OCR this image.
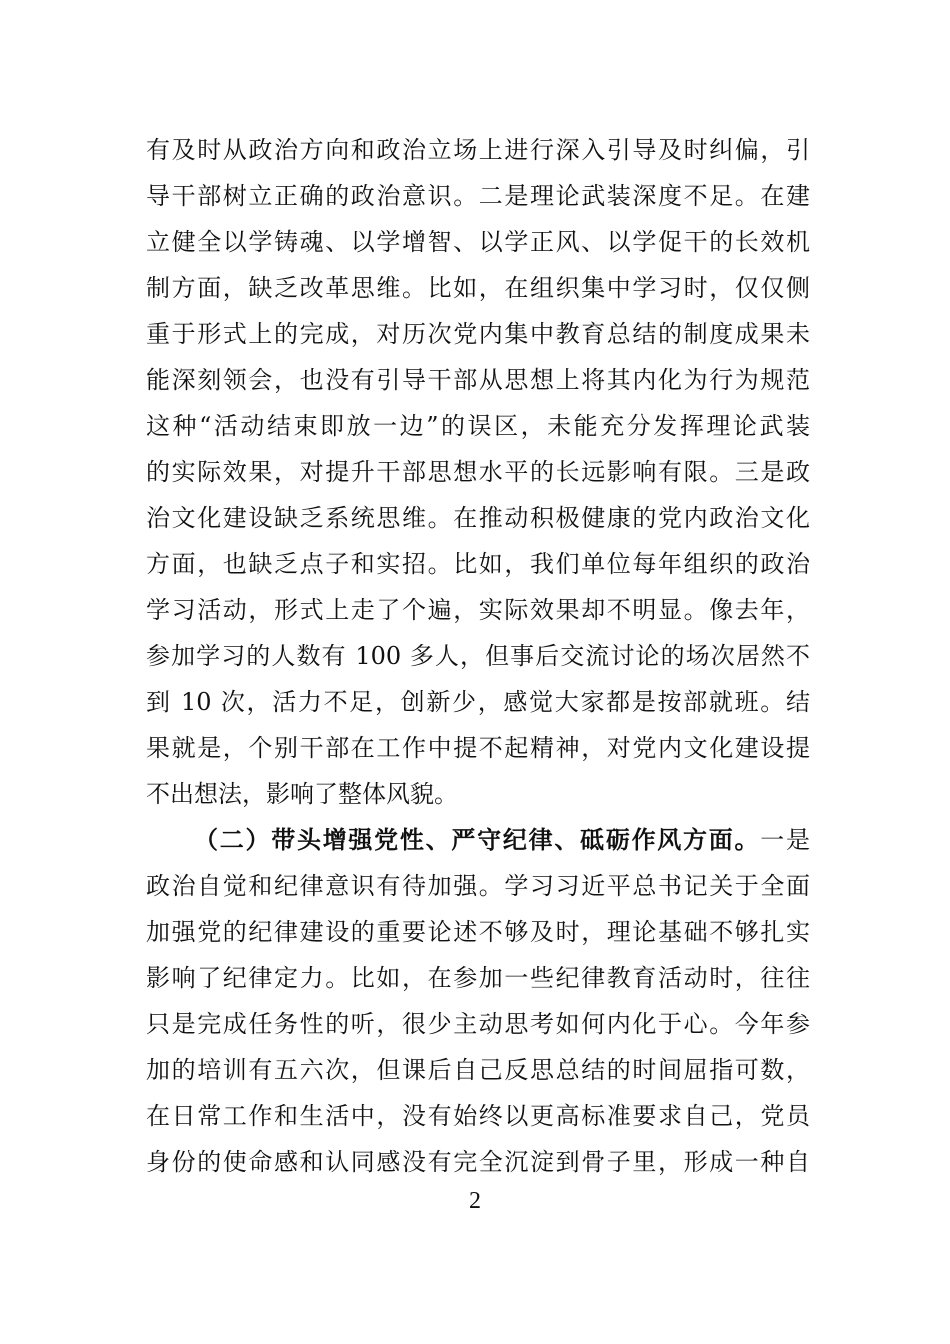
有及时从政治方向和政治立场上进行深入引导及时纠偏，引
导干部树立正确的政治意识。二是理论武装深度不足。在建
立健全以学铸魂、以学增智、以学正风、以学促干的长效机
制方面，缺乏改革思维。比如，在组织集中学习时，仅仅侧
重于形式上的完成，对历次党内集中教育总结的制度成果未
能深刻领会，也没有引导干部从思想上将其内化为行为规范
这种“活动结束即放一边”的误区，未能充分发挥理论武装
的实际效果，对提升干部思想水平的长远影响有限。三是政
治文化建设缺乏系统思维。在推动积极健康的党内政治文化
方面，也缺乏点子和实招。比如，我们单位每年组织的政治
学习活动，形式上走了个遍，实际效果却不明显。像去年，
参加学习的人数有 100 多人，但事后交流讨论的场次居然不
到 10 次，活力不足，创新少，感觉大家都是按部就班。结
果就是，个别干部在工作中提不起精神，对党内文化建设提
不出想法，影响了整体风貌。
（二）带头增强党性、严守纪律、砥砺作风方面。一是
政治自觉和纪律意识有待加强。学习习近平总书记关于全面
加强党的纪律建设的重要论述不够及时，理论基础不够扎实
影响了纪律定力。比如，在参加一些纪律教育活动时，往往
只是完成任务性的听，很少主动思考如何内化于心。今年参
加的培训有五六次，但课后自己反思总结的时间屈指可数，
在日常工作和生活中，没有始终以更高标准要求自己，党员
身份的使命感和认同感没有完全沉淀到骨子里，形成一种自
2
